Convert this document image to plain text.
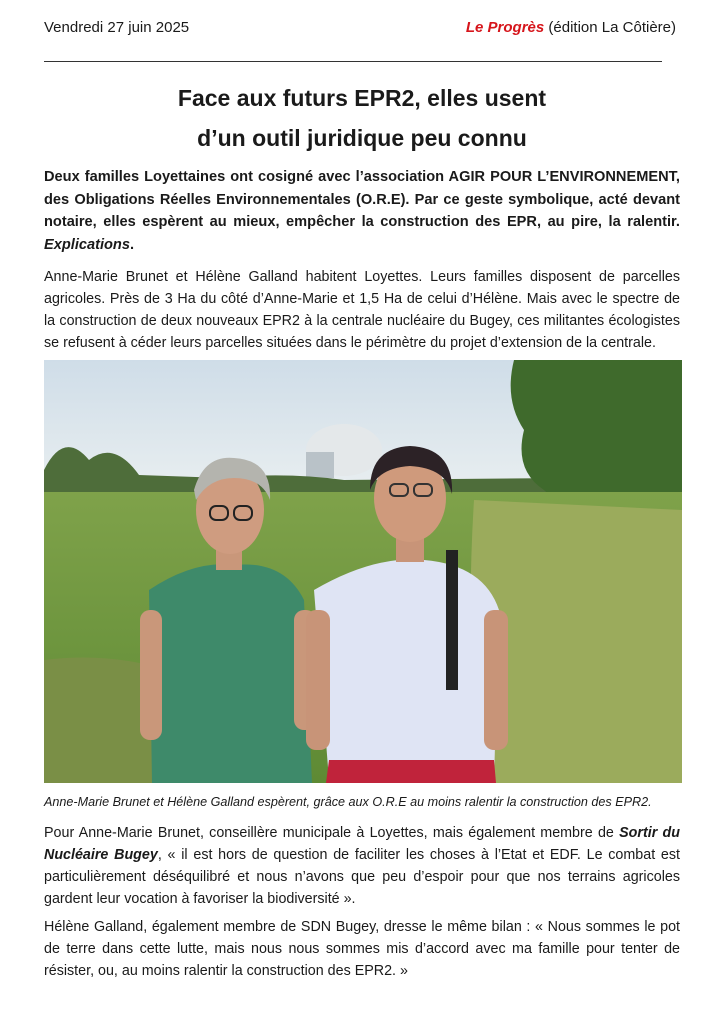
Vendredi 27 juin 2025	Le Progrès (édition La Côtière)
Face aux futurs EPR2, elles usent
d’un outil juridique peu connu

Deux familles Loyettaines ont cosigné avec l’association AGIR POUR L’ENVIRONNEMENT, des Obligations Réelles Environnementales (O.R.E). Par ce geste symbolique, acté devant notaire, elles espèrent au mieux, empêcher la construction des EPR, au pire, la ralentir. Explications.

Anne-Marie Brunet et Hélène Galland habitent Loyettes. Leurs familles disposent de parcelles agricoles. Près de 3 Ha du côté d’Anne-Marie et 1,5 Ha de celui d’Hélène. Mais avec le spectre de la construction de deux nouveaux EPR2 à la centrale nucléaire du Bugey, ces militantes écologistes se refusent à céder leurs parcelles situées dans le périmètre du projet d’extension de la centrale.

Anne-Marie Brunet et Hélène Galland espèrent, grâce aux O.R.E au moins ralentir la construction des EPR2.

Pour Anne-Marie Brunet, conseillère municipale à Loyettes, mais également membre de Sortir du Nucléaire Bugey, « il est hors de question de faciliter les choses à l’Etat et EDF. Le combat est particulièrement déséquilibré et nous n’avons que peu d’espoir pour que nos terrains agricoles gardent leur vocation à favoriser la biodiversité ».

Hélène Galland, également membre de SDN Bugey, dresse le même bilan : « Nous sommes le pot de terre dans cette lutte, mais nous nous sommes mis d’accord avec ma famille pour tenter de résister, ou, au moins ralentir la construction des EPR2. »
